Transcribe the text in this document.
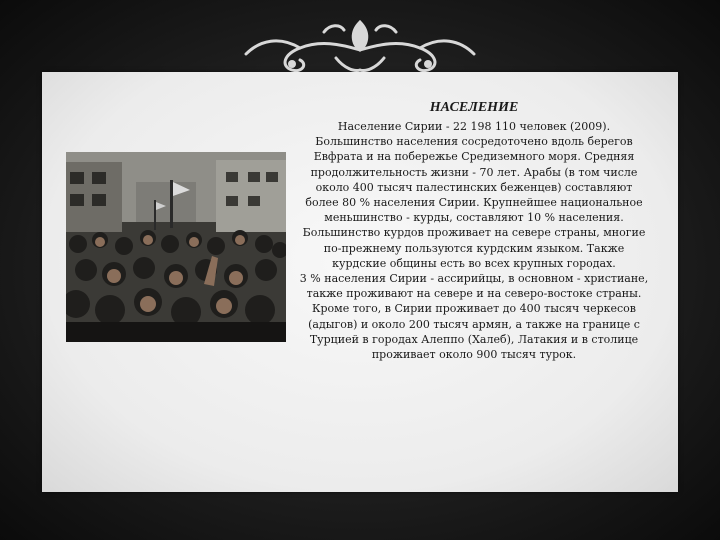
НАСЕЛЕНИЕ

Население Сирии - 22 198 110 человек (2009). Большинство населения сосредоточено вдоль берегов Евфрата и на побережье Средиземного моря. Средняя продолжительность жизни - 70 лет. Арабы (в том числе около 400 тысяч палестинских беженцев) составляют более 80 % населения Сирии. Крупнейшее национальное меньшинство - курды, составляют 10 % населения. Большинство курдов проживает на севере страны, многие по-прежнему пользуются курдским языком. Также курдские общины есть во всех крупных городах.

3 % населения Сирии - ассирийцы, в основном - христиане, также проживают на севере и на северо-востоке страны.

Кроме того, в Сирии проживает до 400 тысяч черкесов (адыгов) и около 200 тысяч армян, а также на границе с Турцией в городах Алеппо (Халеб), Латакия и в столице проживает около 900 тысяч турок.
